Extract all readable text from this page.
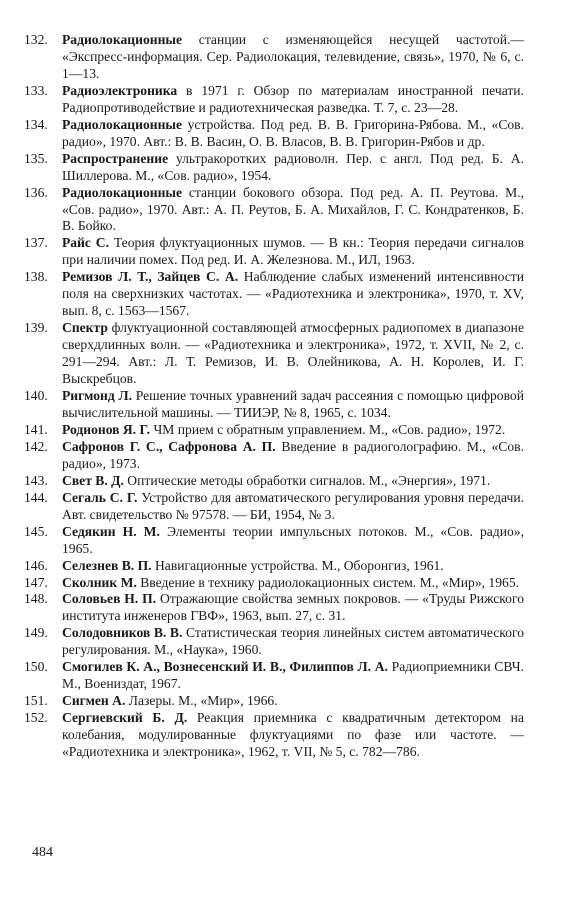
132.	Радиолокационные станции с изменяющейся несущей частотой.— «Экспресс-информация. Сер. Радиолокация, телевидение, связь», 1970, № 6, с. 1—13.

133.	Радиоэлектроника в 1971 г. Обзор по материалам иностранной печати. Радиопротиводействие и радиотехническая разведка. Т. 7, с. 23—28.

134.	Радиолокационные устройства. Под ред. В. В. Григорина-Рябова. М., «Сов. радио», 1970. Авт.: В. В. Васин, О. В. Власов, В. В. Григорин-Рябов и др.

135.	Распространение ультракоротких радиоволн. Пер. с англ. Под ред. Б. А. Шиллерова. М., «Сов. радио», 1954.

136.	Радиолокационные станции бокового обзора. Под ред. А. П. Реутова. М., «Сов. радио», 1970. Авт.: А. П. Реутов, Б. А. Михайлов, Г. С. Кондратенков, Б. В. Бойко.

137.	Райс С. Теория флуктуационных шумов. — В кн.: Теория передачи сигналов при наличии помех. Под ред. И. А. Железнова. М., ИЛ, 1963.

138.	Ремизов Л. Т., Зайцев С. А. Наблюдение слабых изменений интенсивности поля на сверхнизких частотах. — «Радиотехника и электроника», 1970, т. XV, вып. 8, с. 1563—1567.

139.	Спектр флуктуационной составляющей атмосферных радиопомех в диапазоне сверхдлинных волн. — «Радиотехника и электроника», 1972, т. XVII, № 2, с. 291—294. Авт.: Л. Т. Ремизов, И. В. Олейникова, А. Н. Королев, И. Г. Выскребцов.

140.	Ригмонд Л. Решение точных уравнений задач рассеяния с помощью цифровой вычислительной машины. — ТИИЭР, № 8, 1965, с. 1034.

141.	Родионов Я. Г. ЧМ прием с обратным управлением. М., «Сов. радио», 1972.

142.	Сафронов Г. С., Сафронова А. П. Введение в радиоголографию. М., «Сов. радио», 1973.

143.	Свет В. Д. Оптические методы обработки сигналов. М., «Энергия», 1971.

144.	Сегаль С. Г. Устройство для автоматического регулирования уровня передачи. Авт. свидетельство № 97578. — БИ, 1954, № 3.

145.	Седякин Н. М. Элементы теории импульсных потоков. М., «Сов. радио», 1965.

146.	Селезнев В. П. Навигационные устройства. М., Оборонгиз, 1961.

147.	Сколник М. Введение в технику радиолокационных систем. М., «Мир», 1965.

148.	Соловьев Н. П. Отражающие свойства земных покровов. — «Труды Рижского института инженеров ГВФ», 1963, вып. 27, с. 31.

149.	Солодовников В. В. Статистическая теория линейных систем автоматического регулирования. М., «Наука», 1960.

150.	Смогилев К. А., Вознесенский И. В., Филиппов Л. А. Радиоприемники СВЧ. М., Воениздат, 1967.

151.	Сигмен А. Лазеры. М., «Мир», 1966.

152.	Сергиевский Б. Д. Реакция приемника с квадратичным детектором на колебания, модулированные флуктуациями по фазе или частоте. — «Радиотехника и электроника», 1962, т. VII, № 5, с. 782—786.

484
